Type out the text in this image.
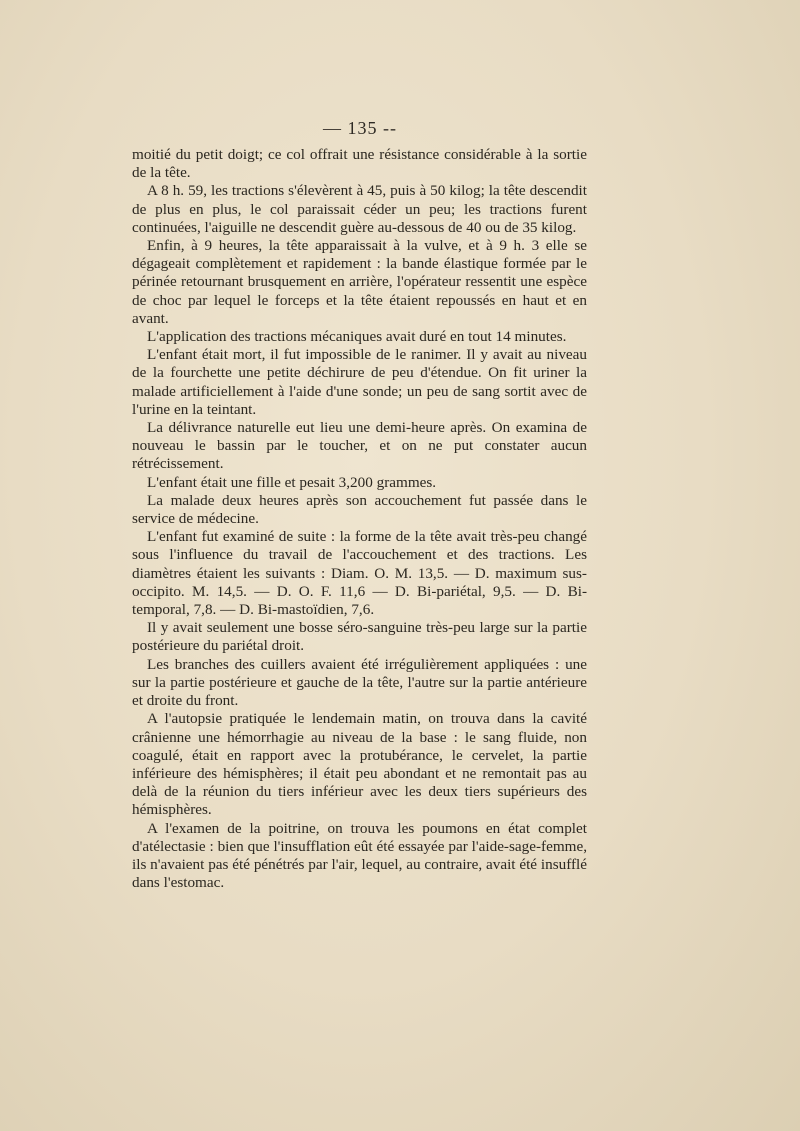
— 135 --

moitié du petit doigt; ce col offrait une résistance considérable à la sortie de la tête.

A 8 h. 59, les tractions s'élevèrent à 45, puis à 50 kilog; la tête descendit de plus en plus, le col paraissait céder un peu; les tractions furent continuées, l'aiguille ne descendit guère au-dessous de 40 ou de 35 kilog.

Enfin, à 9 heures, la tête apparaissait à la vulve, et à 9 h. 3 elle se dégageait complètement et rapidement : la bande élastique formée par le périnée retournant brusquement en arrière, l'opérateur ressentit une espèce de choc par lequel le forceps et la tête étaient repoussés en haut et en avant.

L'application des tractions mécaniques avait duré en tout 14 minutes.

L'enfant était mort, il fut impossible de le ranimer. Il y avait au niveau de la fourchette une petite déchirure de peu d'étendue. On fit uriner la malade artificiellement à l'aide d'une sonde; un peu de sang sortit avec de l'urine en la teintant.

La délivrance naturelle eut lieu une demi-heure après. On examina de nouveau le bassin par le toucher, et on ne put constater aucun rétrécissement.

L'enfant était une fille et pesait 3,200 grammes.

La malade deux heures après son accouchement fut passée dans le service de médecine.

L'enfant fut examiné de suite : la forme de la tête avait très-peu changé sous l'influence du travail de l'accouchement et des tractions. Les diamètres étaient les suivants : Diam. O. M. 13,5. — D. maximum sus-occipito. M. 14,5. — D. O. F. 11,6 — D. Bi-pariétal, 9,5. — D. Bi-temporal, 7,8. — D. Bi-mastoïdien, 7,6.

Il y avait seulement une bosse séro-sanguine très-peu large sur la partie postérieure du pariétal droit.

Les branches des cuillers avaient été irrégulièrement appliquées : une sur la partie postérieure et gauche de la tête, l'autre sur la partie antérieure et droite du front.

A l'autopsie pratiquée le lendemain matin, on trouva dans la cavité crânienne une hémorrhagie au niveau de la base : le sang fluide, non coagulé, était en rapport avec la protubérance, le cervelet, la partie inférieure des hémisphères; il était peu abondant et ne remontait pas au delà de la réunion du tiers inférieur avec les deux tiers supérieurs des hémisphères.

A l'examen de la poitrine, on trouva les poumons en état complet d'atélectasie : bien que l'insufflation eût été essayée par l'aide-sage-femme, ils n'avaient pas été pénétrés par l'air, lequel, au contraire, avait été insufflé dans l'estomac.
